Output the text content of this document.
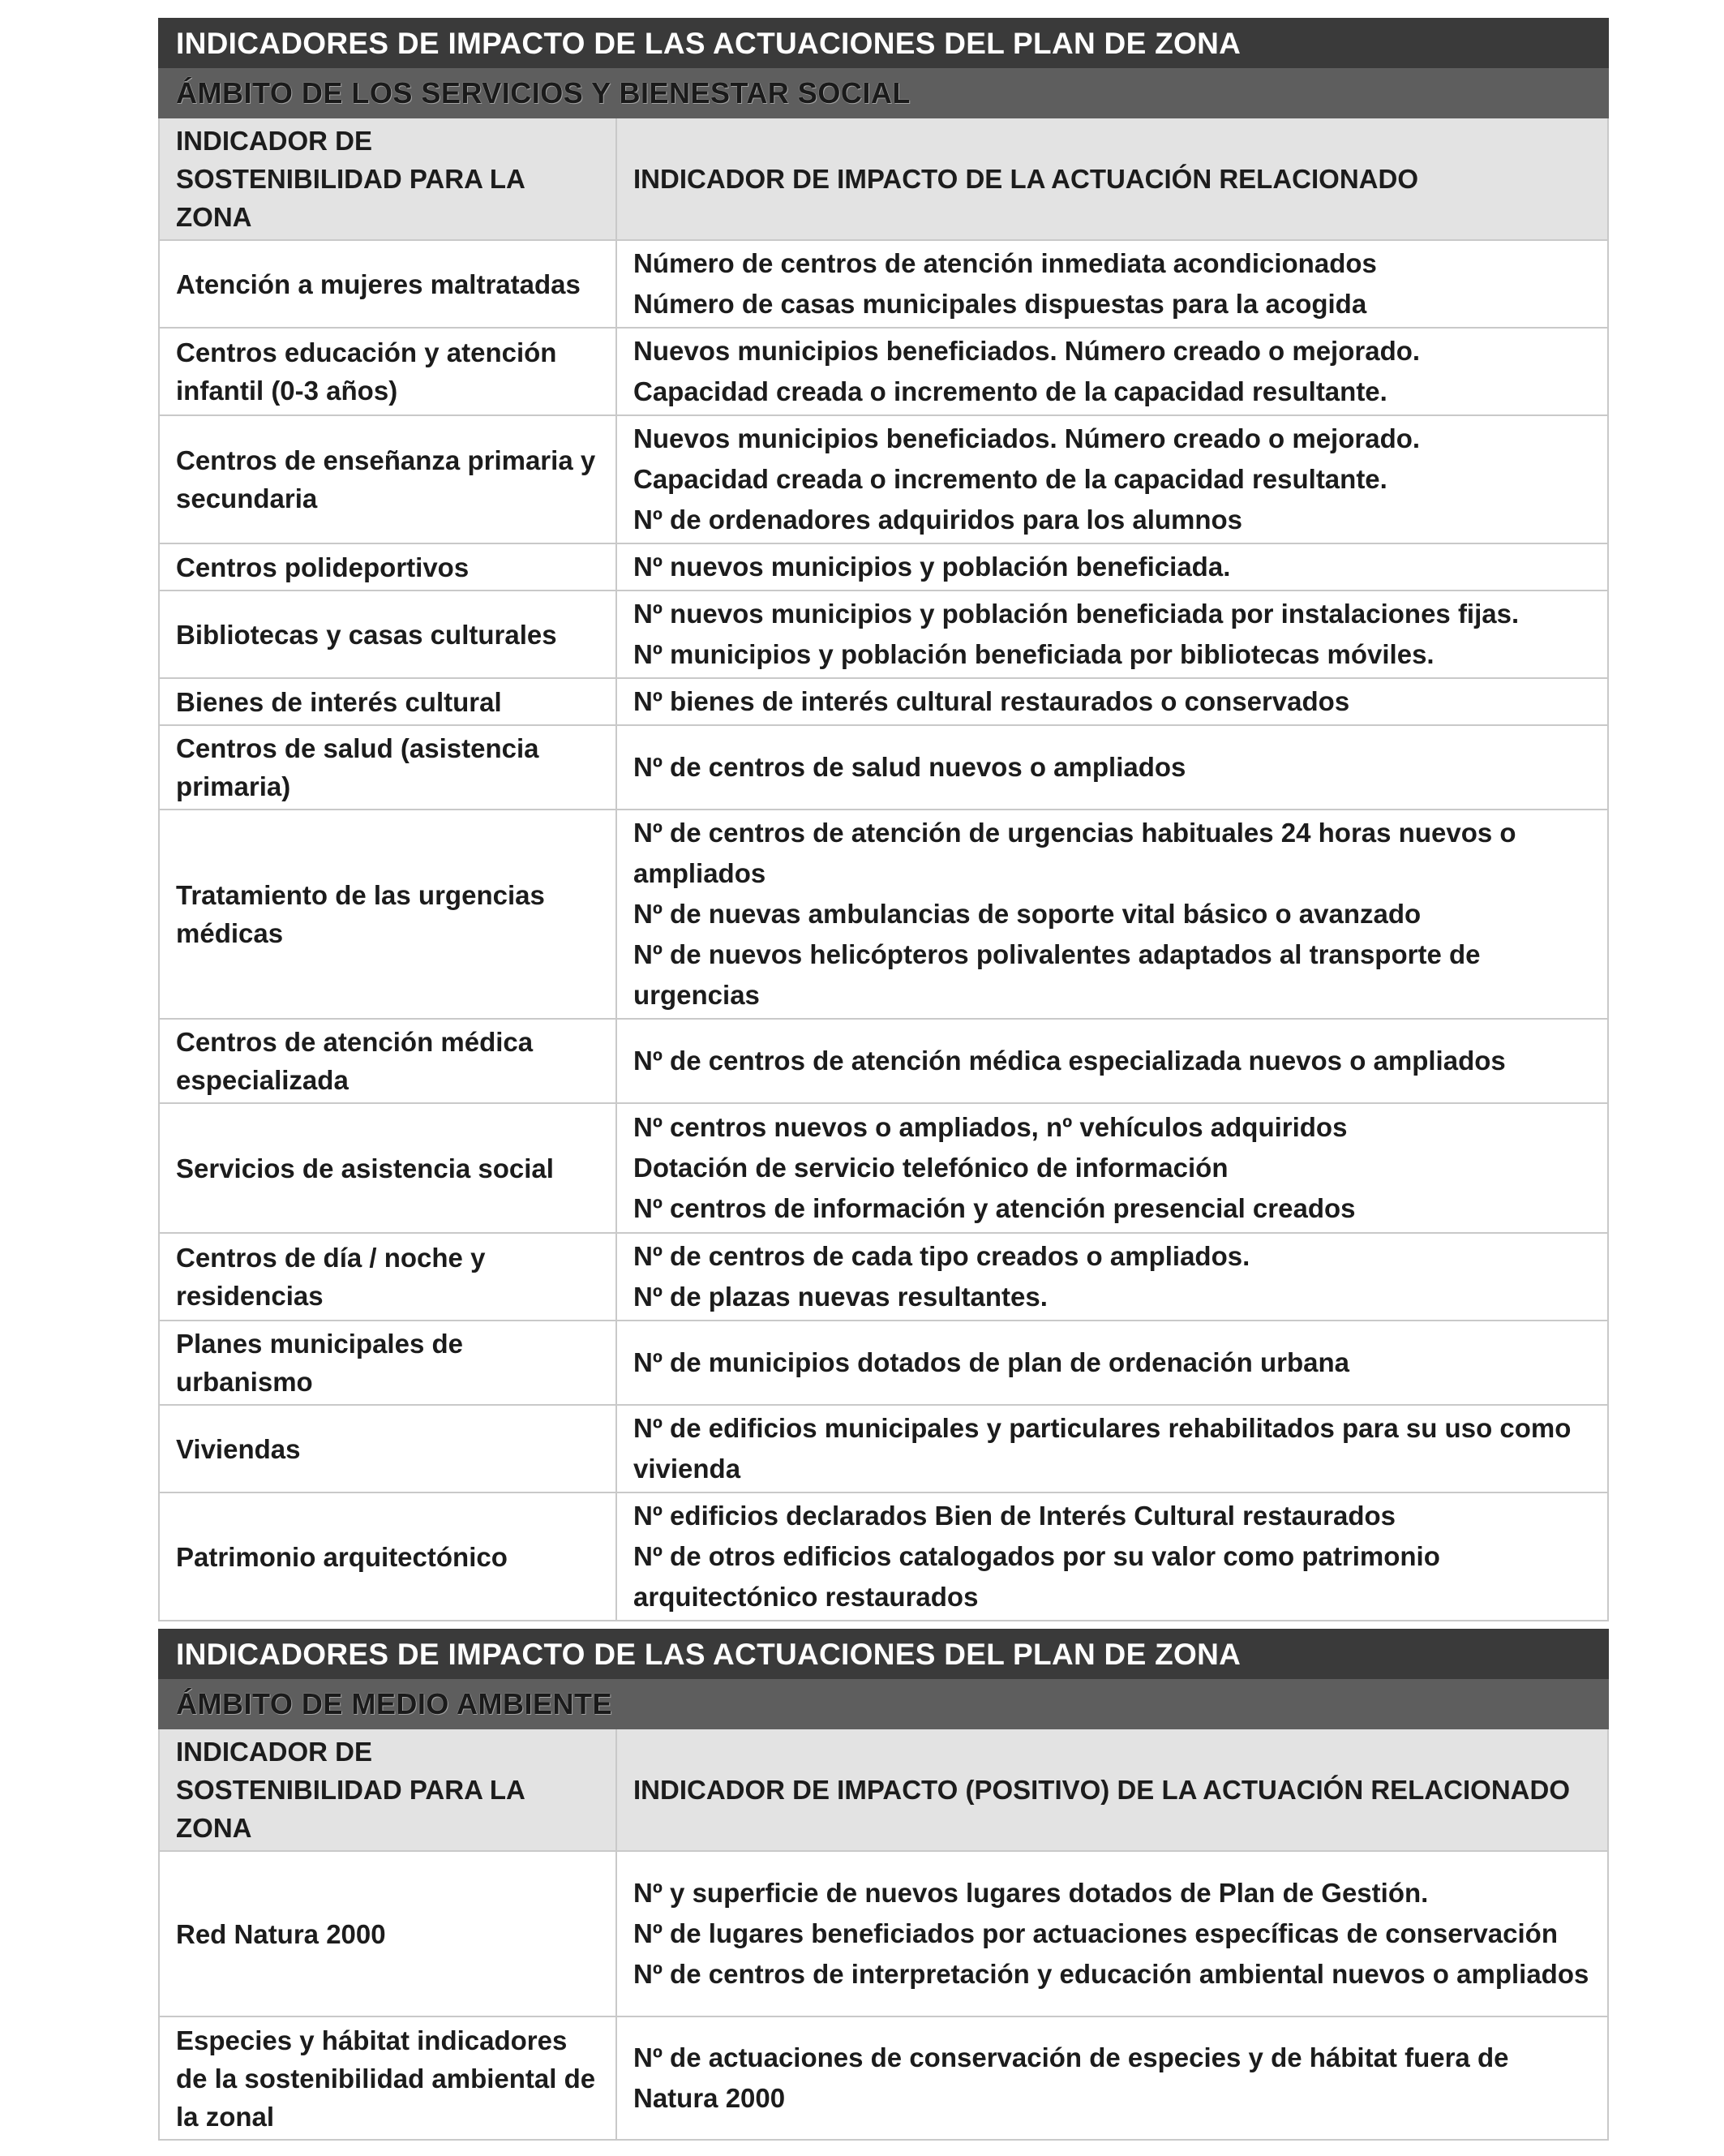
INDICADORES DE IMPACTO DE LAS ACTUACIONES DEL PLAN DE ZONA	
ÁMBITO DE LOS SERVICIOS Y BIENESTAR SOCIAL	
INDICADOR DE SOSTENIBILIDAD PARA LA ZONA	INDICADOR DE IMPACTO DE LA ACTUACIÓN RELACIONADO
Atención a mujeres maltratadas	Número de centros de atención inmediata acondicionados
Número de casas municipales dispuestas para la acogida

Centros educación y atención infantil (0-3 años)	Nuevos municipios beneficiados. Número creado o mejorado.
Capacidad creada o incremento de la capacidad resultante.

Centros de enseñanza primaria y secundaria	Nuevos municipios beneficiados. Número creado o mejorado.
Capacidad creada o incremento de la capacidad resultante.
Nº de ordenadores adquiridos para los alumnos

Centros polideportivos	Nº nuevos municipios y población beneficiada.

Bibliotecas y casas culturales	Nº nuevos municipios y población beneficiada por instalaciones fijas.
Nº municipios y población beneficiada por bibliotecas móviles.

Bienes de interés cultural	Nº bienes de interés cultural restaurados o conservados

Centros de salud (asistencia primaria)	Nº de centros de salud nuevos o ampliados

Tratamiento de las urgencias médicas	Nº de centros de atención de urgencias habituales 24 horas nuevos o ampliados
Nº de nuevas ambulancias de soporte vital básico o avanzado
Nº de nuevos helicópteros polivalentes adaptados al transporte de urgencias

Centros de atención médica especializada	Nº de centros de atención médica especializada nuevos o ampliados

Servicios de asistencia social	Nº centros nuevos o ampliados, nº vehículos adquiridos
Dotación de servicio telefónico de información
Nº centros de información y atención presencial creados

Centros de día / noche y residencias	Nº de centros de cada tipo creados o ampliados.
Nº de plazas nuevas resultantes.

Planes municipales de urbanismo	Nº de municipios dotados de plan de ordenación urbana

Viviendas	Nº de edificios municipales y particulares rehabilitados para su uso como vivienda

Patrimonio arquitectónico	Nº edificios declarados Bien de Interés Cultural restaurados
Nº de otros edificios catalogados por su valor como patrimonio arquitectónico restaurados
INDICADORES DE IMPACTO DE LAS ACTUACIONES DEL PLAN DE ZONA	
ÁMBITO DE MEDIO AMBIENTE	
INDICADOR DE SOSTENIBILIDAD PARA LA ZONA	INDICADOR DE IMPACTO (POSITIVO) DE LA ACTUACIÓN RELACIONADO
Red Natura 2000	Nº y superficie de nuevos lugares dotados de Plan de Gestión.
Nº de lugares beneficiados por actuaciones específicas de conservación
Nº de centros de interpretación y educación ambiental nuevos o ampliados

Especies y hábitat indicadores de la sostenibilidad ambiental de la zonal	Nº de actuaciones de conservación de especies y de hábitat fuera de Natura 2000
